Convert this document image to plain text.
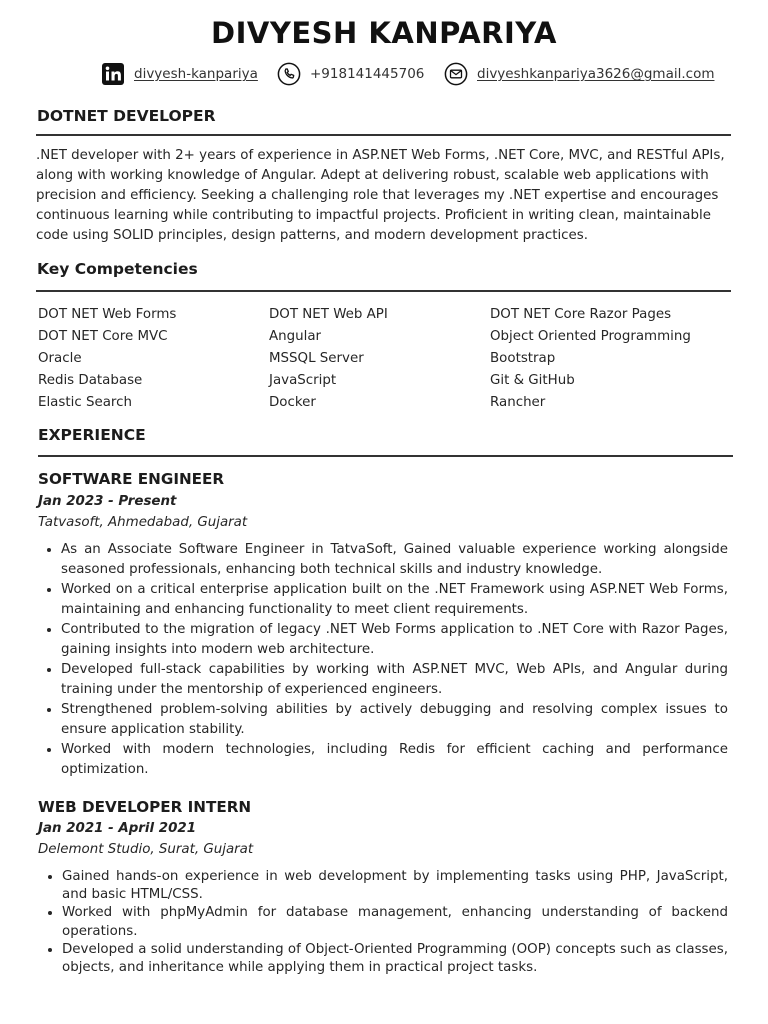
DIVYESH KANPARIYA
divyesh-kanpariya	+918141445706	divyeshkanpariya3626@gmail.com
DOTNET DEVELOPER
.NET developer with 2+ years of experience in ASP.NET Web Forms, .NET Core, MVC, and RESTful APIs, along with working knowledge of Angular. Adept at delivering robust, scalable web applications with precision and efficiency. Seeking a challenging role that leverages my .NET expertise and encourages continuous learning while contributing to impactful projects. Proficient in writing clean, maintainable code using SOLID principles, design patterns, and modern development practices.
Key Competencies
DOT NET Web Forms
DOT NET Core MVC
Oracle
Redis Database
Elastic Search
DOT NET Web API
Angular
MSSQL Server
JavaScript
Docker
DOT NET Core Razor Pages
Object Oriented Programming
Bootstrap
Git & GitHub
Rancher
EXPERIENCE
SOFTWARE ENGINEER
Jan 2023 - Present
Tatvasoft, Ahmedabad, Gujarat
• As an Associate Software Engineer in TatvaSoft, Gained valuable experience working alongside seasoned professionals, enhancing both technical skills and industry knowledge.
• Worked on a critical enterprise application built on the .NET Framework using ASP.NET Web Forms, maintaining and enhancing functionality to meet client requirements.
• Contributed to the migration of legacy .NET Web Forms application to .NET Core with Razor Pages, gaining insights into modern web architecture.
• Developed full-stack capabilities by working with ASP.NET MVC, Web APIs, and Angular during training under the mentorship of experienced engineers.
• Strengthened problem-solving abilities by actively debugging and resolving complex issues to ensure application stability.
• Worked with modern technologies, including Redis for efficient caching and performance optimization.
WEB DEVELOPER INTERN
Jan 2021 - April 2021
Delemont Studio, Surat, Gujarat
• Gained hands-on experience in web development by implementing tasks using PHP, JavaScript, and basic HTML/CSS.
• Worked with phpMyAdmin for database management, enhancing understanding of backend operations.
• Developed a solid understanding of Object-Oriented Programming (OOP) concepts such as classes, objects, and inheritance while applying them in practical project tasks.
